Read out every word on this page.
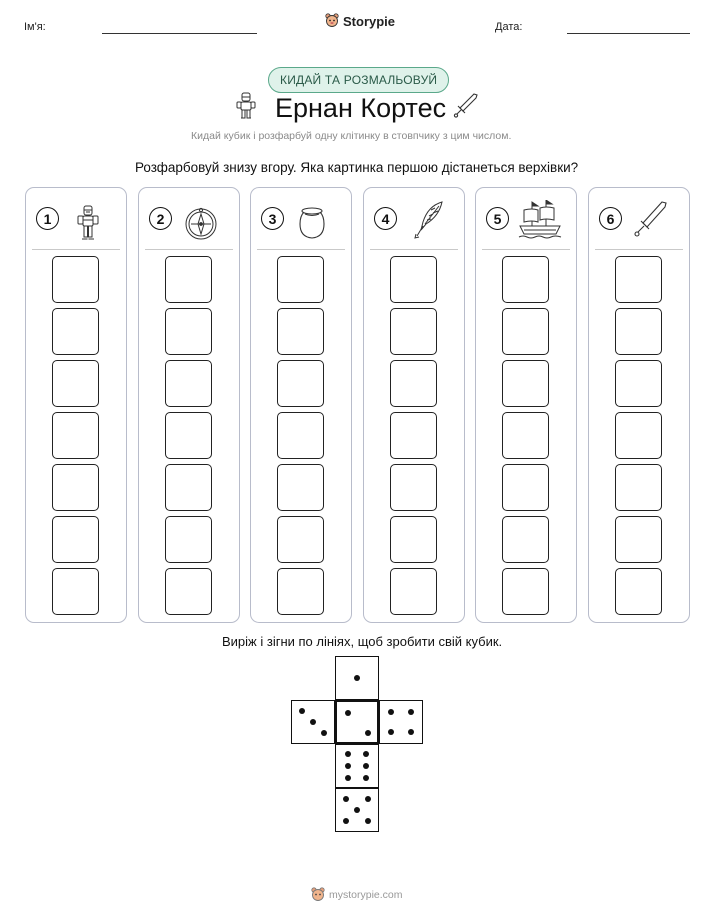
Ім'я:	Storypie	Дата:
КИДАЙ ТА РОЗМАЛЬОВУЙ
Ернан Кортес
Кидай кубик і розфарбуй одну клітинку в стовпчику з цим числом.
Розфарбовуй знизу вгору. Яка картинка першою дістанеться верхівки?
1	2	3	4	5	6
Виріж і зігни по лініях, щоб зробити свій кубик.
mystorypie.com
